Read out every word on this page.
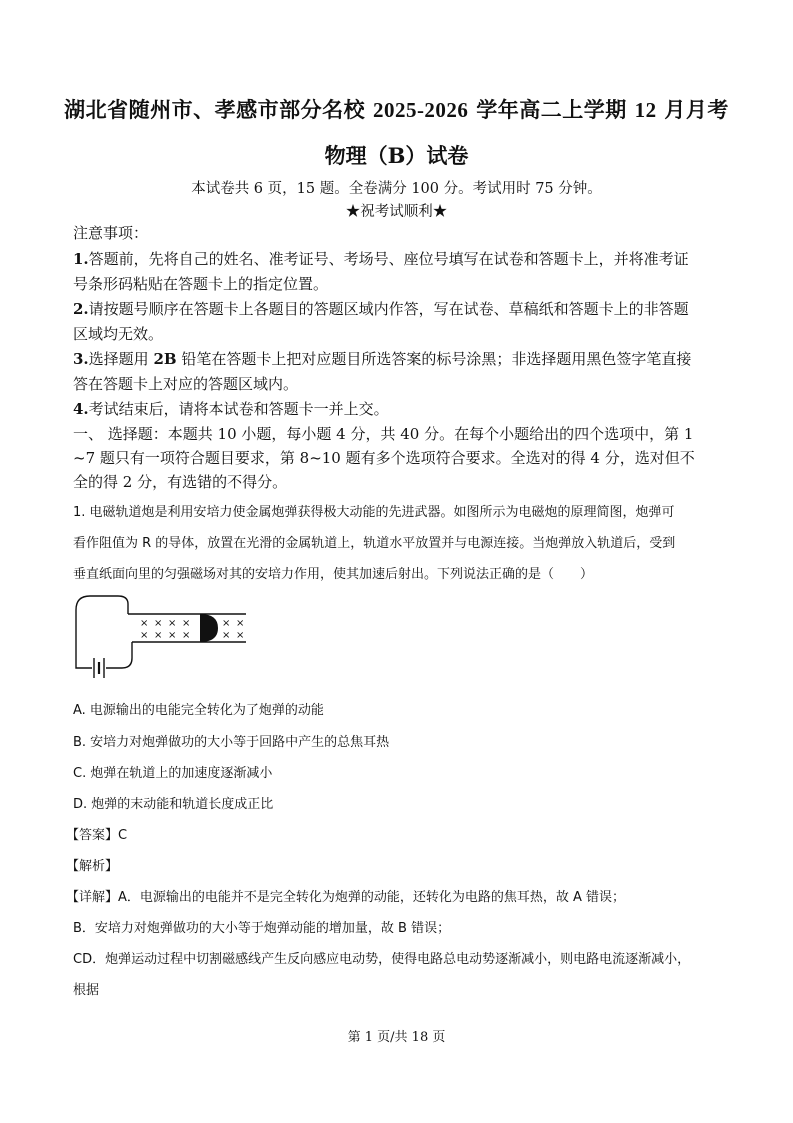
湖北省随州市、孝感市部分名校 2025-2026 学年高二上学期 12 月月考
物理（B）试卷
本试卷共 6 页，15 题。全卷满分 100 分。考试用时 75 分钟。
★祝考试顺利★
注意事项：
1.答题前，先将自己的姓名、准考证号、考场号、座位号填写在试卷和答题卡上，并将准考证
号条形码粘贴在答题卡上的指定位置。
2.请按题号顺序在答题卡上各题目的答题区域内作答，写在试卷、草稿纸和答题卡上的非答题
区域均无效。
3.选择题用 2B 铅笔在答题卡上把对应题目所选答案的标号涂黑；非选择题用黑色签字笔直接
答在答题卡上对应的答题区域内。
4.考试结束后，请将本试卷和答题卡一并上交。
一、 选择题：本题共 10 小题，每小题 4 分，共 40 分。在每个小题给出的四个选项中，第 1
~7 题只有一项符合题目要求，第 8~10 题有多个选项符合要求。全选对的得 4 分，选对但不
全的得 2 分，有选错的不得分。
1. 电磁轨道炮是利用安培力使金属炮弹获得极大动能的先进武器。如图所示为电磁炮的原理简图，炮弹可
看作阻值为 R 的导体，放置在光滑的金属轨道上，轨道水平放置并与电源连接。当炮弹放入轨道后，受到
垂直纸面向里的匀强磁场对其的安培力作用，使其加速后射出。下列说法正确的是（　　）
× × × ×	× ×
× × × ×	× ×
A. 电源输出的电能完全转化为了炮弹的动能
B. 安培力对炮弹做功的大小等于回路中产生的总焦耳热
C. 炮弹在轨道上的加速度逐渐减小
D. 炮弹的末动能和轨道长度成正比
【答案】C
【解析】
【详解】A．电源输出的电能并不是完全转化为炮弹的动能，还转化为电路的焦耳热，故 A 错误；
B．安培力对炮弹做功的大小等于炮弹动能的增加量，故 B 错误；
CD．炮弹运动过程中切割磁感线产生反向感应电动势，使得电路总电动势逐渐减小，则电路电流逐渐减小，
根据
第 1 页/共 18 页
